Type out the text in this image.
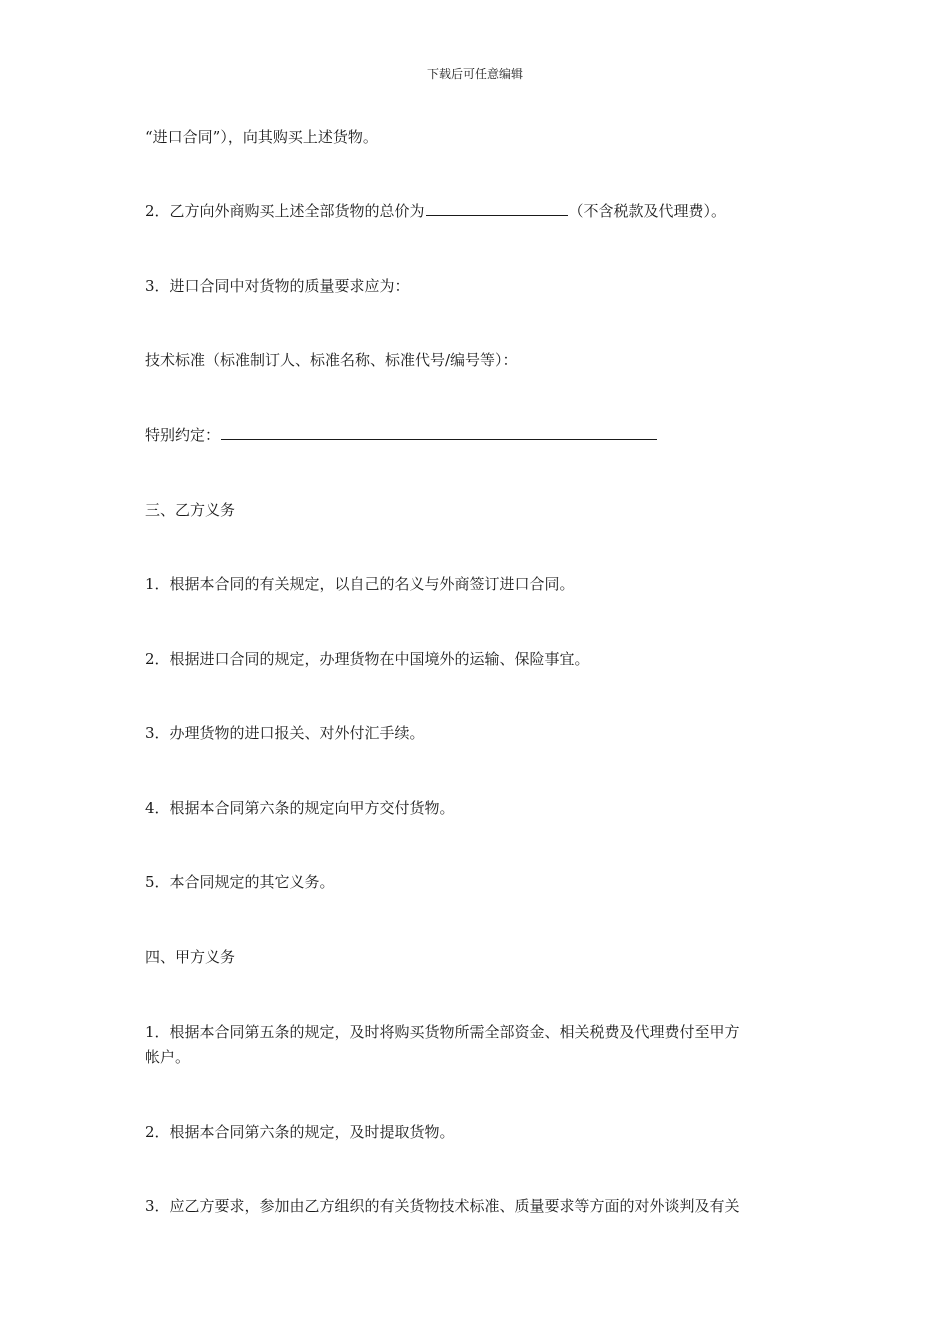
下载后可任意编辑
“进口合同”），向其购买上述货物。
2．乙方向外商购买上述全部货物的总价为	（不含税款及代理费）。
3．进口合同中对货物的质量要求应为：
技术标准（标准制订人、标准名称、标准代号/编号等）：
特别约定：
三、乙方义务
1．根据本合同的有关规定，以自己的名义与外商签订进口合同。
2．根据进口合同的规定，办理货物在中国境外的运输、保险事宜。
3．办理货物的进口报关、对外付汇手续。
4．根据本合同第六条的规定向甲方交付货物。
5．本合同规定的其它义务。
四、甲方义务
1．根据本合同第五条的规定，及时将购买货物所需全部资金、相关税费及代理费付至甲方
帐户。
2．根据本合同第六条的规定，及时提取货物。
3．应乙方要求，参加由乙方组织的有关货物技术标准、质量要求等方面的对外谈判及有关
